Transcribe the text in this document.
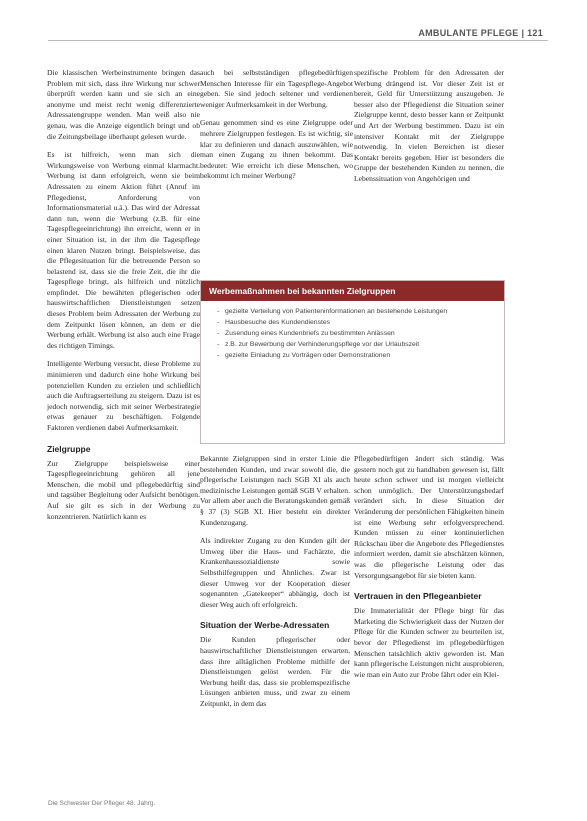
AMBULANTE PFLEGE | 121

Die klassischen Werbeinstrumente bringen das Problem mit sich, dass ihre Wirkung nur schwer überprüft werden kann und sie sich an eine anonyme und meist recht wenig differenzierte Adressatengruppe wenden. Man weiß also nie genau, was die Anzeige eigentlich bringt und ob die Zeitungsbeilage überhaupt gelesen wurde.

Es ist hilfreich, wenn man sich die Wirkungsweise von Werbung einmal klarmacht. Werbung ist dann erfolgreich, wenn sie beim Adressaten zu einem Aktion führt (Anruf im Pflegedienst, Anforderung von Informationsmaterial u.ä.). Das wird der Adressat dann tun, wenn die Werbung (z.B. für eine Tagespflegeeinrichtung) ihn erreicht, wenn er in einer Situation ist, in der ihm die Tagespflege einen klaren Nutzen bringt. Beispielsweise, das die Pflegesituation für die betreuende Person so belastend ist, dass sie die freie Zeit, die ihr die Tagespflege bringt, als hilfreich und nützlich empfindet. Die bewährten pflegerischen oder hauswirtschaftlichen Dienstleistungen setzen dieses Problem beim Adressaten der Werbung zu dem Zeitpunkt lösen können, an dem er die Werbung erhält. Werbung ist also auch eine Frage des richtigen Timings.

Intelligente Werbung versucht, diese Probleme zu minimieren und dadurch eine hohe Wirkung bei potenziellen Kunden zu erzielen und schließlich auch die Auftragserteilung zu steigern. Dazu ist es jedoch notwendig, sich mit seiner Werbestrategie etwas genauer zu beschäftigen. Folgende Faktoren verdienen dabei Aufmerksamkeit.

Zielgruppe

Zur Zielgruppe beispielsweise einer Tagespflegeeinrichtung gehören all jene Menschen, die mobil und pflegebedürftig sind und tagsüber Begleitung oder Aufsicht benötigen. Auf sie gilt es sich in der Werbung zu konzentrieren. Natürlich kann es

auch bei selbstständigen pflegebedürftigen Menschen Interesse für ein Tagespflege-Angebot geben. Sie sind jedoch seltener und verdienen weniger Aufmerksamkeit in der Werbung.

Genau genommen sind es eine Zielgruppe oder mehrere Zielgruppen festlegen. Es ist wichtig, sie klar zu definieren und danach auszuwählen, wie man einen Zugang zu ihnen bekommt. Das bedeutet: Wie erreicht ich diese Menschen, wo bekommt ich meiner Werbung?

spezifische Problem für den Adressaten der Werbung drängend ist. Vor dieser Zeit ist er bereit, Geld für Unterstützung auszugeben. Je besser also der Pflegedienst die Situation seiner Zielgruppe kennt, desto besser kann er Zeitpunkt und Art der Werbung bestimmen. Dazu ist ein intensiver Kontakt mit der Zielgruppe notwendig. In vielen Bereichen ist dieser Kontakt bereits gegeben. Hier ist besonders die Gruppe der bestehenden Kunden zu nennen, die Lebenssituation von Angehörigen und

Werbemaßnahmen bei bekannten Zielgruppen
- gezielte Verteilung von Patienteninformationen an bestehende Leistungen
- Hausbesuche des Kundendienstes
- Zusendung eines Kundenbriefs zu bestimmten Anlässen
- z.B. zur Bewerbung der Verhinderungspflege vor der Urlaubszeit
- gezielte Einladung zu Vorträgen oder Demonstrationen

Bekannte Zielgruppen sind in erster Linie die bestehenden Kunden, und zwar sowohl die, die pflegerische Leistungen nach SGB XI als auch medizinische Leistungen gemäß SGB V erhalten. Vor allem aber auch die Beratungskunden gemäß § 37 (3) SGB XI. Hier besteht ein direkter Kundenzugang.

Als indirekter Zugang zu den Kunden gilt der Umweg über die Haus- und Fachärzte, die Krankenhaussozialdienste sowie Selbsthilfegruppen und Ähnliches. Zwar ist dieser Umweg vor der Kooperation dieser sogenannten „Gatekeeper“ abhängig, doch ist dieser Weg auch oft erfolgreich.

Situation der Werbe-Adressaten

Die Kunden pflegerischer oder hauswirtschaftlicher Dienstleistungen erwarten, dass ihre alltäglichen Probleme mithilfe der Dienstleistungen gelöst werden. Für die Werbung heißt das, dass sie problemspezifische Lösungen anbieten muss, und zwar zu einem Zeitpunkt, in dem das

Pflegebedürftigen ändert sich ständig. Was gestern noch gut zu handhaben gewesen ist, fällt heute schon schwer und ist morgen vielleicht schon unmöglich. Der Unterstützungsbedarf verändert sich. In diese Situation der Veränderung der persönlichen Fähigkeiten hinein ist eine Werbung sehr erfolgversprechend. Kunden müssen zu einer kontinuierlichen Rückschau über die Angebote des Pflegedienstes informiert werden, damit sie abschätzen können, was die pflegerische Leistung oder das Versorgungsangebot für sie bieten kann.

Vertrauen in den Pflegeanbieter

Die Immaterialität der Pflege birgt für das Marketing die Schwierigkeit dass der Nutzen der Pflege für die Kunden schwer zu beurteilen ist, bevor der Pflegedienst im pflegebedürftigen Menschen tatsächlich aktiv geworden ist. Man kann pflegerische Leistungen nicht ausprobieren, wie man ein Auto zur Probe fährt oder ein Klei-

Die Schwester Der Pfleger 48. Jahrg.
